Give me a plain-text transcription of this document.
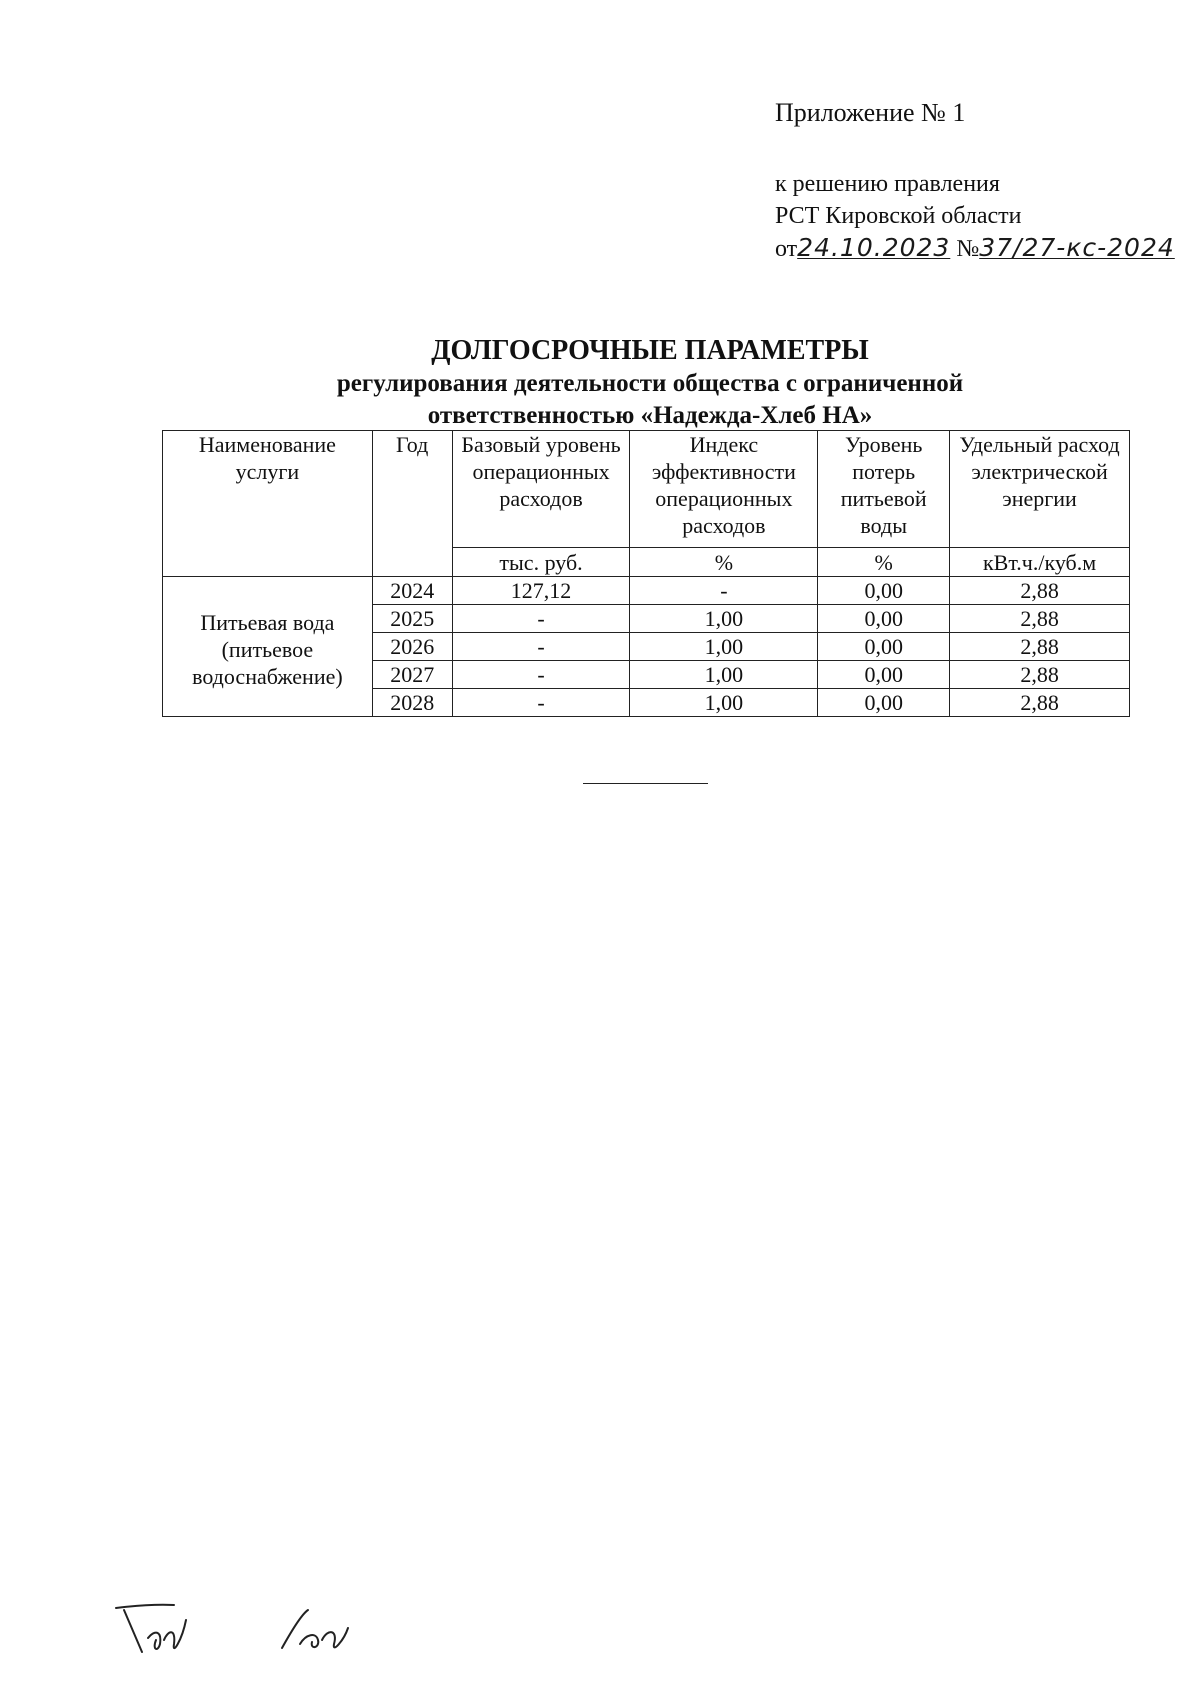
Приложение № 1
к решению правления
РСТ Кировской области
от24.10.2023 №37/27-кс-2024
ДОЛГОСРОЧНЫЕ ПАРАМЕТРЫ
регулирования деятельности общества с ограниченной
ответственностью «Надежда-Хлеб НА»
Наименование услуги	Год	Базовый уровень операционных расходов	Индекс эффективности операционных расходов	Уровень потерь питьевой воды	Удельный расход электрической энергии
		тыс. руб.	%	%	кВт.ч./куб.м
Питьевая вода (питьевое водоснабжение)	2024	127,12	-	0,00	2,88
	2025	-	1,00	0,00	2,88
	2026	-	1,00	0,00	2,88
	2027	-	1,00	0,00	2,88
	2028	-	1,00	0,00	2,88
